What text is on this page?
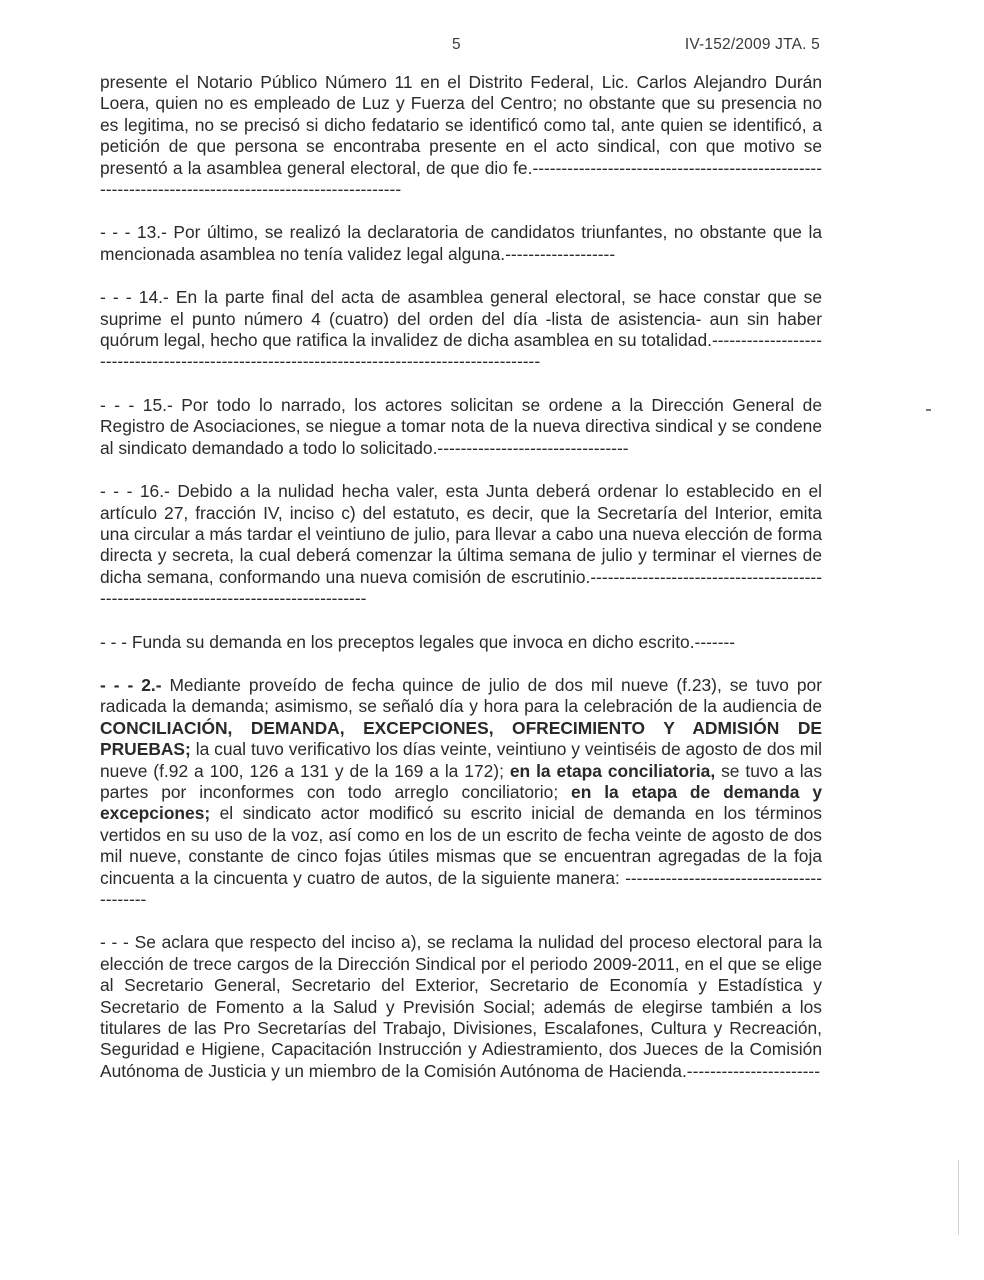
5	IV-152/2009 JTA. 5

presente el Notario Público Número 11 en el Distrito Federal, Lic. Carlos Alejandro Durán Loera, quien no es empleado de Luz y Fuerza del Centro; no obstante que su presencia no es legitima, no se precisó si dicho fedatario se identificó como tal, ante quien se identificó, a petición de que persona se encontraba presente en el acto sindical, con que motivo se presentó a la asamblea general electoral, de que dio fe.------------------------------------------------------------------------------------------------------

- - - 13.- Por último, se realizó la declaratoria de candidatos triunfantes, no obstante que la mencionada asamblea no tenía validez legal alguna.-------------------

- - - 14.- En la parte final del acta de asamblea general electoral, se hace constar que se suprime el punto número 4 (cuatro) del orden del día -lista de asistencia- aun sin haber quórum legal, hecho que ratifica la invalidez de dicha asamblea en su totalidad.-----------------------------------------------------------------------------------------------

- - - 15.- Por todo lo narrado, los actores solicitan se ordene a la Dirección General de Registro de Asociaciones, se niegue a tomar nota de la nueva directiva sindical y se condene al sindicato demandado a todo lo solicitado.---------------------------------

- - - 16.- Debido a la nulidad hecha valer, esta Junta deberá ordenar lo establecido en el artículo 27, fracción IV, inciso c) del estatuto, es decir, que la Secretaría del Interior, emita una circular a más tardar el veintiuno de julio, para llevar a cabo una nueva elección de forma directa y secreta, la cual deberá comenzar la última semana de julio y terminar el viernes de dicha semana, conformando una nueva comisión de escrutinio.--------------------------------------------------------------------------------------

- - - Funda su demanda en los preceptos legales que invoca en dicho escrito.-------

- - - 2.- Mediante proveído de fecha quince de julio de dos mil nueve (f.23), se tuvo por radicada la demanda; asimismo, se señaló día y hora para la celebración de la audiencia de CONCILIACIÓN, DEMANDA, EXCEPCIONES, OFRECIMIENTO Y ADMISIÓN DE PRUEBAS; la cual tuvo verificativo los días veinte, veintiuno y veintiséis de agosto de dos mil nueve (f.92 a 100, 126 a 131 y de la 169 a la 172); en la etapa conciliatoria, se tuvo a las partes por inconformes con todo arreglo conciliatorio; en la etapa de demanda y excepciones; el sindicato actor modificó su escrito inicial de demanda en los términos vertidos en su uso de la voz, así como en los de un escrito de fecha veinte de agosto de dos mil nueve, constante de cinco fojas útiles mismas que se encuentran agregadas de la foja cincuenta a la cincuenta y cuatro de autos, de la siguiente manera: ------------------------------------------

- - - Se aclara que respecto del inciso a), se reclama la nulidad del proceso electoral para la elección de trece cargos de la Dirección Sindical por el periodo 2009-2011, en el que se elige al Secretario General, Secretario del Exterior, Secretario de Economía y Estadística y Secretario de Fomento a la Salud y Previsión Social; además de elegirse también a los titulares de las Pro Secretarías del Trabajo, Divisiones, Escalafones, Cultura y Recreación, Seguridad e Higiene, Capacitación Instrucción y Adiestramiento, dos Jueces de la Comisión Autónoma de Justicia y un miembro de la Comisión Autónoma de Hacienda.-----------------------
